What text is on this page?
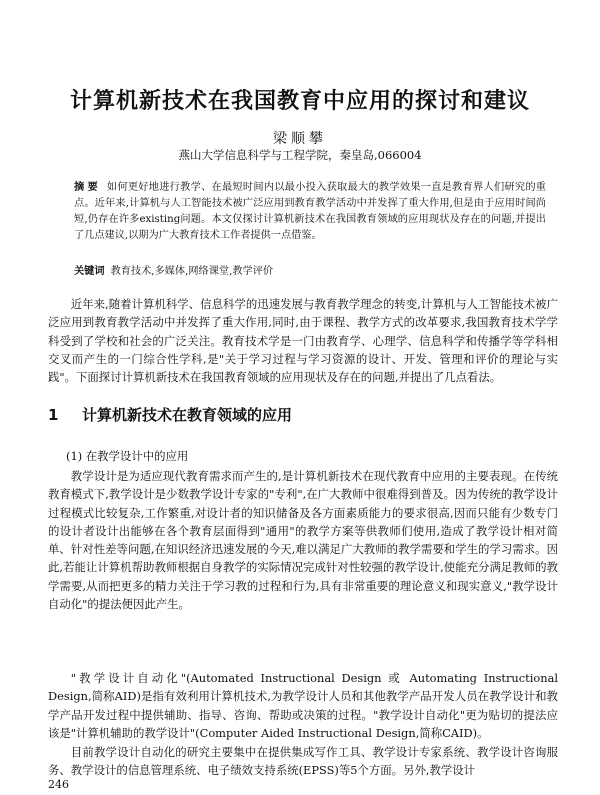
计算机新技术在我国教育中应用的探讨和建议
梁顺攀
燕山大学信息科学与工程学院，秦皇岛,066004
摘要 如何更好地进行教学、在最短时间内以最小投入获取最大的教学效果一直是教育界人们研究的重点。近年来,计算机与人工智能技术被广泛应用到教育教学活动中并发挥了重大作用,但是由于应用时间尚短,仍存在许多existing问题。本文仅探讨计算机新技术在我国教育领域的应用现状及存在的问题,并提出了几点建议,以期为广大教育技术工作者提供一点借鉴。
关键词 教育技术,多媒体,网络课堂,教学评价

近年来,随着计算机科学、信息科学的迅速发展与教育教学理念的转变,计算机与人工智能技术被广泛应用到教育教学活动中并发挥了重大作用,同时,由于课程、教学方式的改革要求,我国教育技术学学科受到了学校和社会的广泛关注。教育技术学是一门由教育学、心理学、信息科学和传播学等学科相交叉而产生的一门综合性学科,是"关于学习过程与学习资源的设计、开发、管理和评价的理论与实践"。下面探讨计算机新技术在我国教育领域的应用现状及存在的问题,并提出了几点看法。

1 计算机新技术在教育领域的应用
(1) 在教学设计中的应用

教学设计是为适应现代教育需求而产生的,是计算机新技术在现代教育中应用的主要表现。在传统教育模式下,教学设计是少数教学设计专家的"专利",在广大教师中很难得到普及。因为传统的教学设计过程模式比较复杂,工作繁重,对设计者的知识储备及各方面素质能力的要求很高,因而只能有少数专门的设计者设计出能够在各个教育层面得到"通用"的教学方案等供教师们使用,造成了教学设计相对简单、针对性差等问题,在知识经济迅速发展的今天,难以满足广大教师的教学需要和学生的学习需求。因此,若能让计算机帮助教师根据自身教学的实际情况完成针对性较强的教学设计,使能充分满足教师的教学需要,从而把更多的精力关注于学习教的过程和行为,具有非常重要的理论意义和现实意义,"教学设计自动化"的提法便因此产生。

"教学设计自动化"(Automated Instructional Design 或 Automating Instructional Design,简称AID)是指有效利用计算机技术,为教学设计人员和其他教学产品开发人员在教学设计和教学产品开发过程中提供辅助、指导、咨询、帮助或决策的过程。"教学设计自动化"更为贴切的提法应该是"计算机辅助的教学设计"(Computer Aided Instructional Design,简称CAID)。

目前教学设计自动化的研究主要集中在提供集成写作工具、教学设计专家系统、教学设计咨询服务、教学设计的信息管理系统、电子绩效支持系统(EPSS)等5个方面。另外,教学设计

246
